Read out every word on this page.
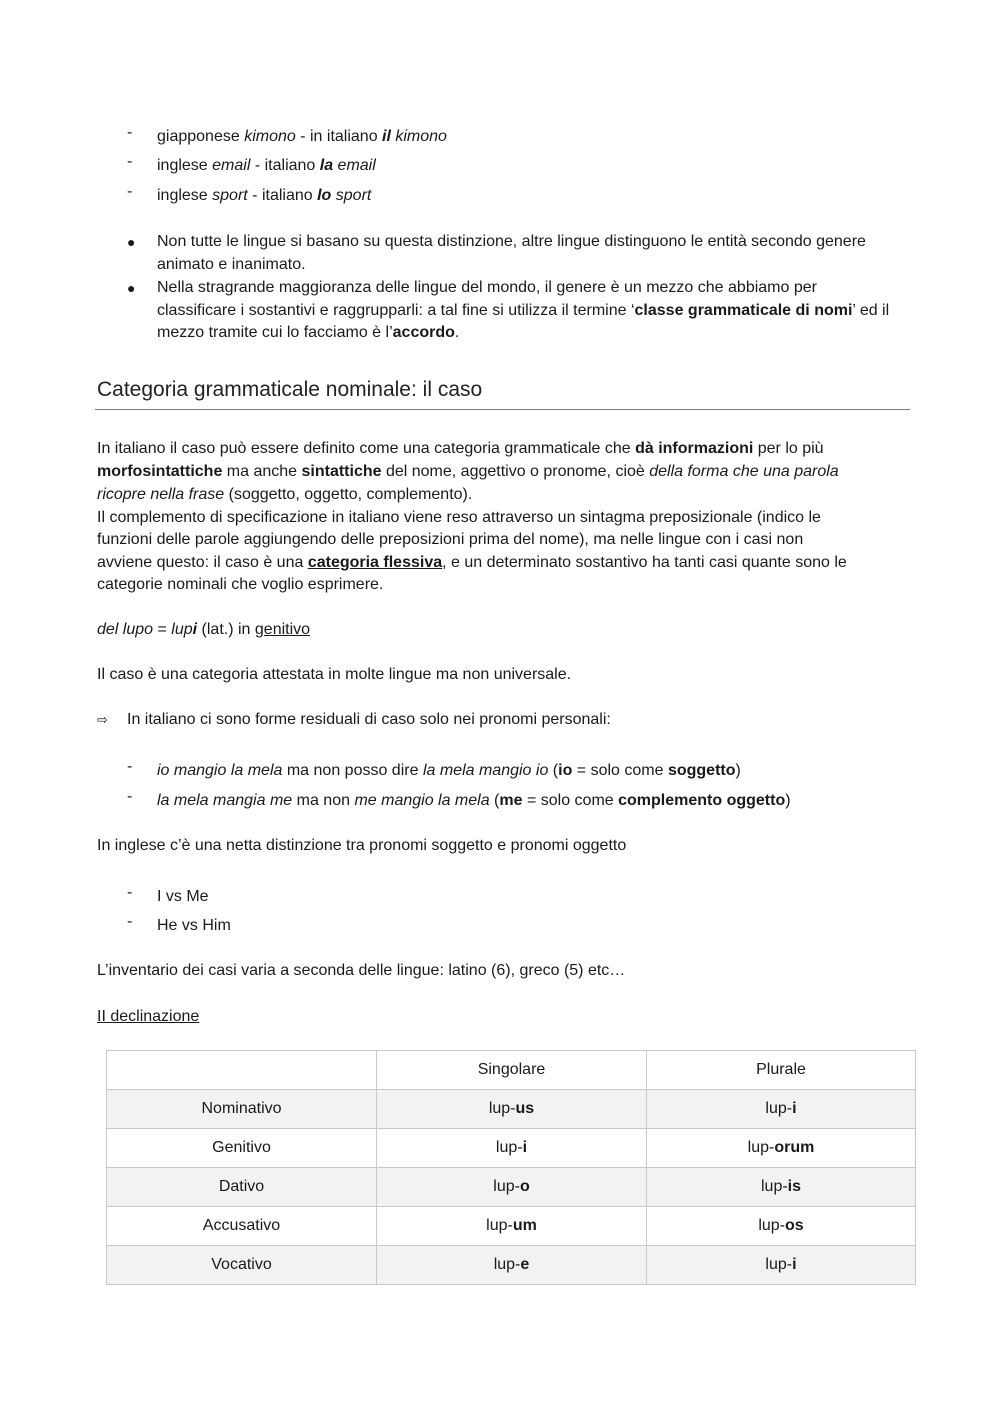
-	giapponese kimono - in italiano il kimono
-	inglese email - italiano la email
-	inglese sport - italiano lo sport
● Non tutte le lingue si basano su questa distinzione, altre lingue distinguono le entità secondo genere animato e inanimato.
● Nella stragrande maggioranza delle lingue del mondo, il genere è un mezzo che abbiamo per classificare i sostantivi e raggrupparli: a tal fine si utilizza il termine ‘classe grammaticale di nomi’ ed il mezzo tramite cui lo facciamo è l’accordo.
Categoria grammaticale nominale: il caso
In italiano il caso può essere definito come una categoria grammaticale che dà informazioni per lo più
morfosintattiche ma anche sintattiche del nome, aggettivo o pronome, cioè della forma che una parola
ricopre nella frase (soggetto, oggetto, complemento).
Il complemento di specificazione in italiano viene reso attraverso un sintagma preposizionale (indico le
funzioni delle parole aggiungendo delle preposizioni prima del nome), ma nelle lingue con i casi non
avviene questo: il caso è una categoria flessiva, e un determinato sostantivo ha tanti casi quante sono le
categorie nominali che voglio esprimere.
del lupo = lupi (lat.) in genitivo
Il caso è una categoria attestata in molte lingue ma non universale.
⇨ In italiano ci sono forme residuali di caso solo nei pronomi personali:
-	io mangio la mela ma non posso dire la mela mangio io (io = solo come soggetto)
-	la mela mangia me ma non me mangio la mela (me = solo come complemento oggetto)
In inglese c’è una netta distinzione tra pronomi soggetto e pronomi oggetto
-	I vs Me
-	He vs Him
L’inventario dei casi varia a seconda delle lingue: latino (6), greco (5) etc…
II declinazione
	Singolare	Plurale
Nominativo	lup-us	lup-i
Genitivo	lup-i	lup-orum
Dativo	lup-o	lup-is
Accusativo	lup-um	lup-os
Vocativo	lup-e	lup-i
